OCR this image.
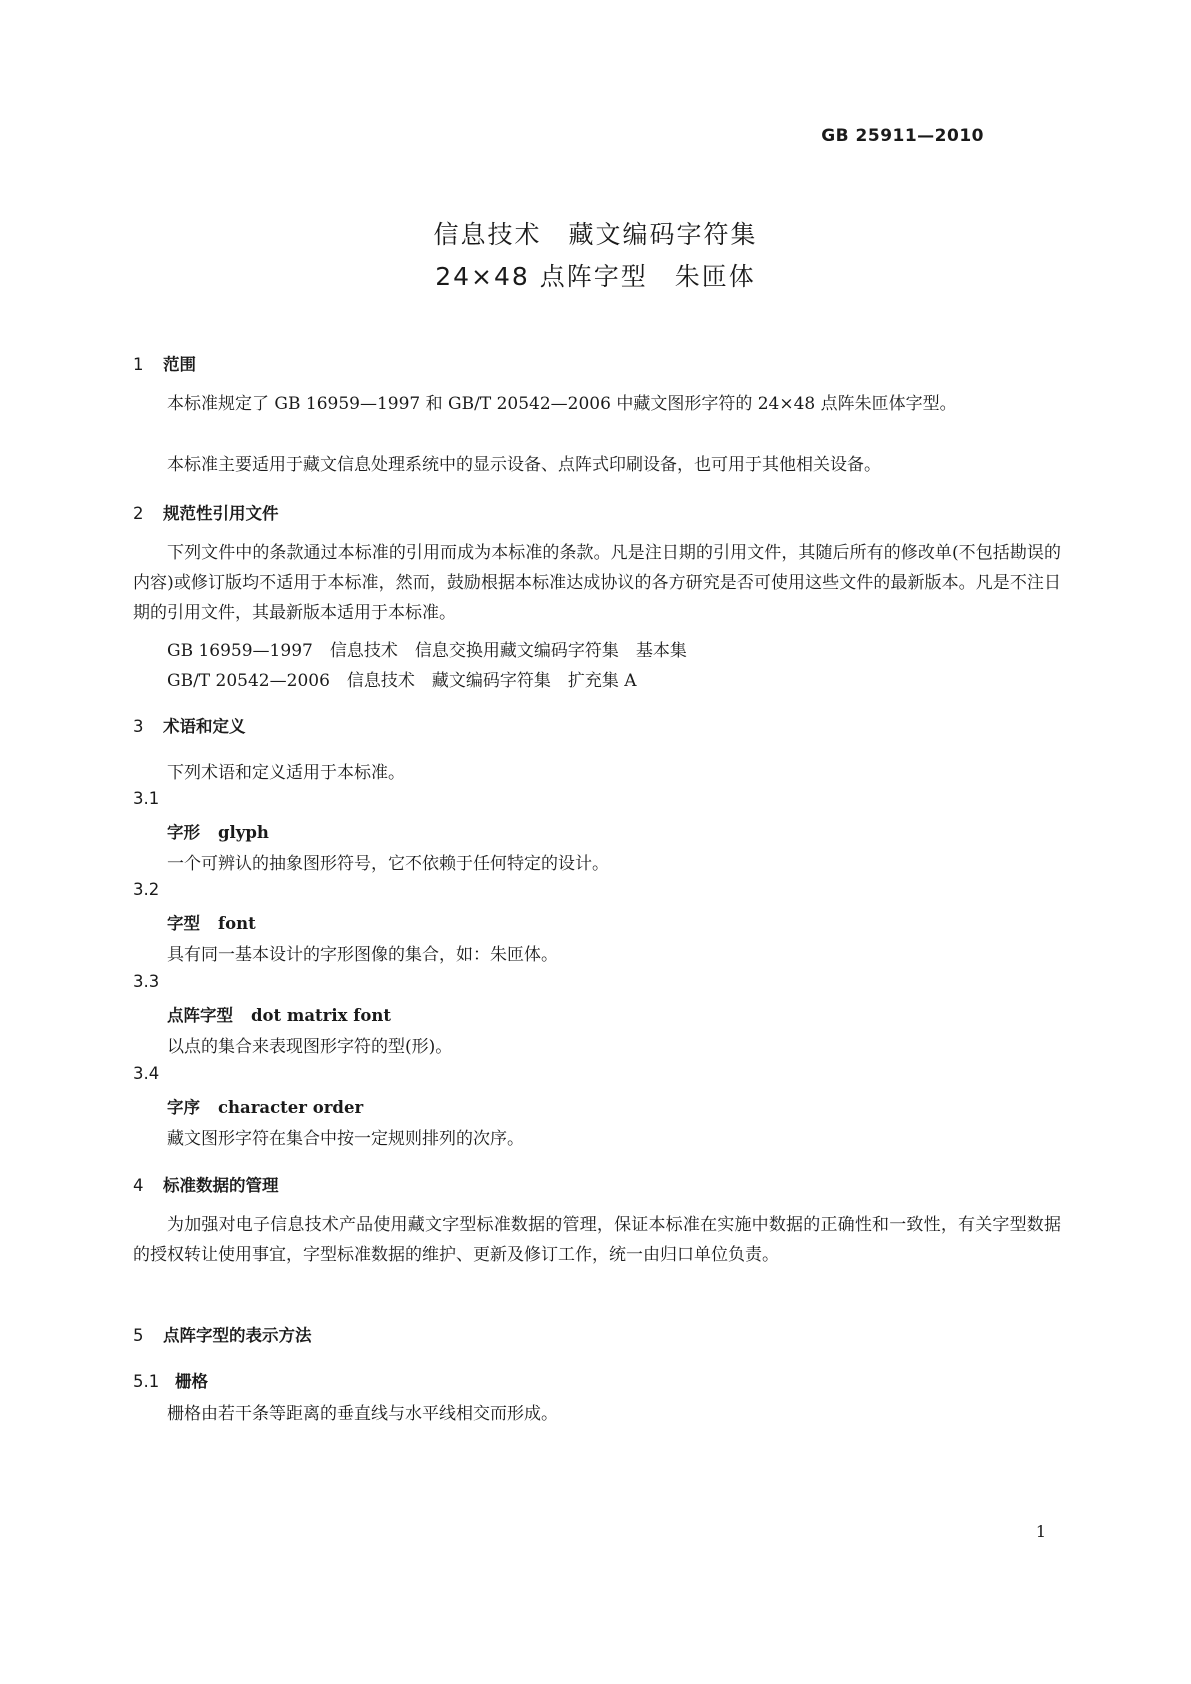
GB 25911—2010
信息技术　藏文编码字符集
24×48 点阵字型　朱匝体
1 范围
本标准规定了 GB 16959—1997 和 GB/T 20542—2006 中藏文图形字符的 24×48 点阵朱匝体字型。
本标准主要适用于藏文信息处理系统中的显示设备、点阵式印刷设备，也可用于其他相关设备。
2 规范性引用文件
下列文件中的条款通过本标准的引用而成为本标准的条款。凡是注日期的引用文件，其随后所有的修改单(不包括勘误的内容)或修订版均不适用于本标准，然而，鼓励根据本标准达成协议的各方研究是否可使用这些文件的最新版本。凡是不注日期的引用文件，其最新版本适用于本标准。
GB 16959—1997　信息技术　信息交换用藏文编码字符集　基本集
GB/T 20542—2006　信息技术　藏文编码字符集　扩充集 A
3 术语和定义
下列术语和定义适用于本标准。
3.1
字形 glyph
一个可辨认的抽象图形符号，它不依赖于任何特定的设计。
3.2
字型 font
具有同一基本设计的字形图像的集合，如：朱匝体。
3.3
点阵字型 dot matrix font
以点的集合来表现图形字符的型(形)。
3.4
字序 character order
藏文图形字符在集合中按一定规则排列的次序。
4 标准数据的管理
为加强对电子信息技术产品使用藏文字型标准数据的管理，保证本标准在实施中数据的正确性和一致性，有关字型数据的授权转让使用事宜，字型标准数据的维护、更新及修订工作，统一由归口单位负责。
5 点阵字型的表示方法
5.1 栅格
栅格由若干条等距离的垂直线与水平线相交而形成。
1
